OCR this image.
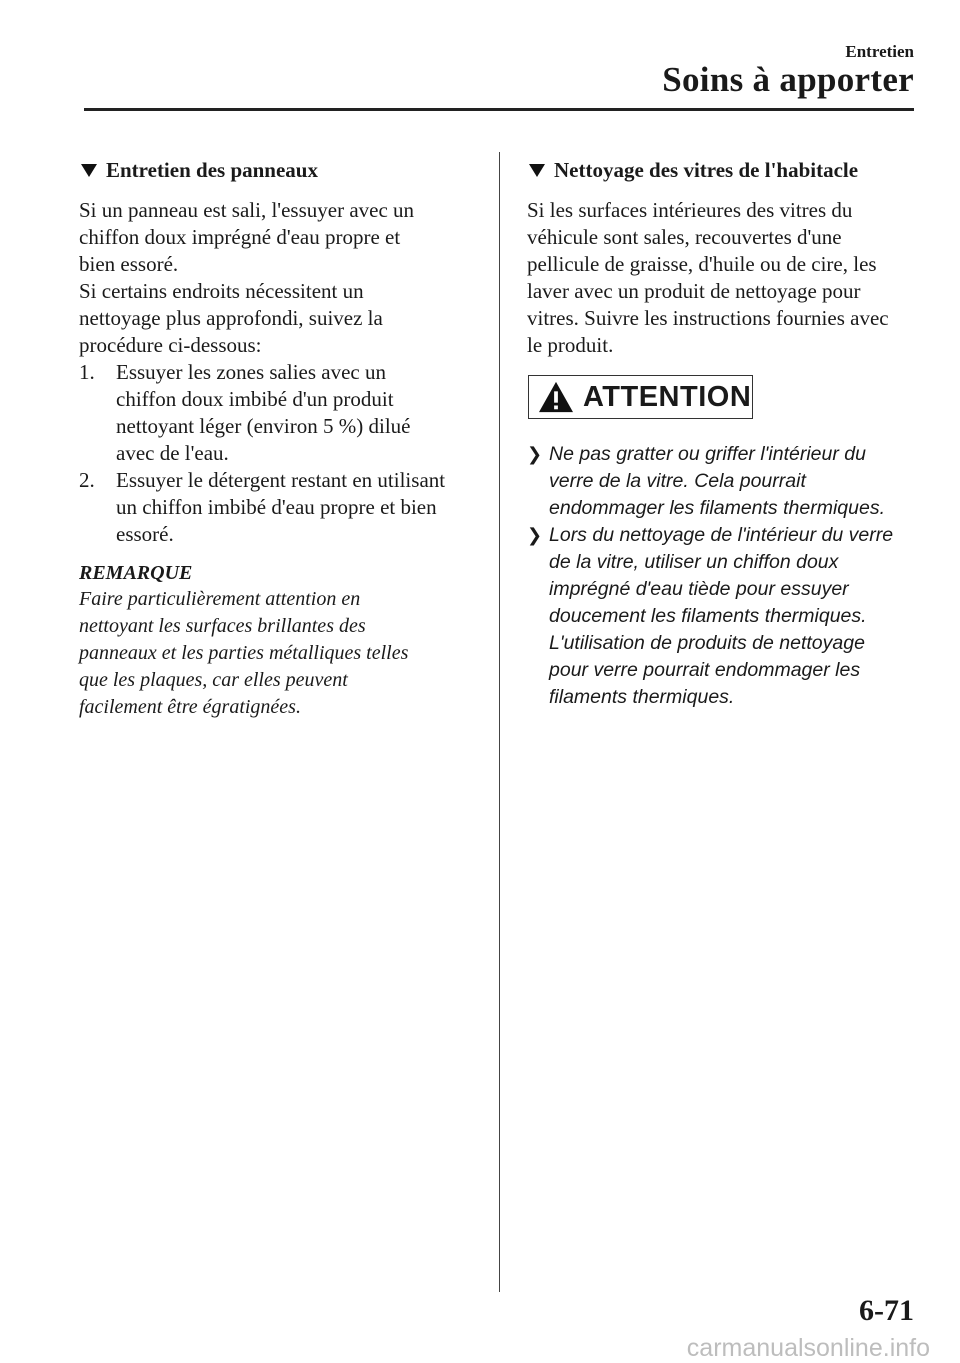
Entretien
Soins à apporter
Entretien des panneaux

Si un panneau est sali, l'essuyer avec un
chiffon doux imprégné d'eau propre et
bien essoré.
Si certains endroits nécessitent un
nettoyage plus approfondi, suivez la
procédure ci-dessous:

1.	Essuyer les zones salies avec un
chiffon doux imbibé d'un produit
nettoyant léger (environ 5 %) dilué
avec de l'eau.
2.	Essuyer le détergent restant en utilisant
un chiffon imbibé d'eau propre et bien
essoré.
REMARQUE

Faire particulièrement attention en
nettoyant les surfaces brillantes des
panneaux et les parties métalliques telles
que les plaques, car elles peuvent
facilement être égratignées.

Nettoyage des vitres de l'habitacle

Si les surfaces intérieures des vitres du
véhicule sont sales, recouvertes d'une
pellicule de graisse, d'huile ou de cire, les
laver avec un produit de nettoyage pour
vitres. Suivre les instructions fournies avec
le produit.

ATTENTION
❯ Ne pas gratter ou griffer l'intérieur du
verre de la vitre. Cela pourrait
endommager les filaments thermiques.
❯ Lors du nettoyage de l'intérieur du verre
de la vitre, utiliser un chiffon doux
imprégné d'eau tiède pour essuyer
doucement les filaments thermiques.
L'utilisation de produits de nettoyage
pour verre pourrait endommager les
filaments thermiques.
6-71
carmanualsonline.info
